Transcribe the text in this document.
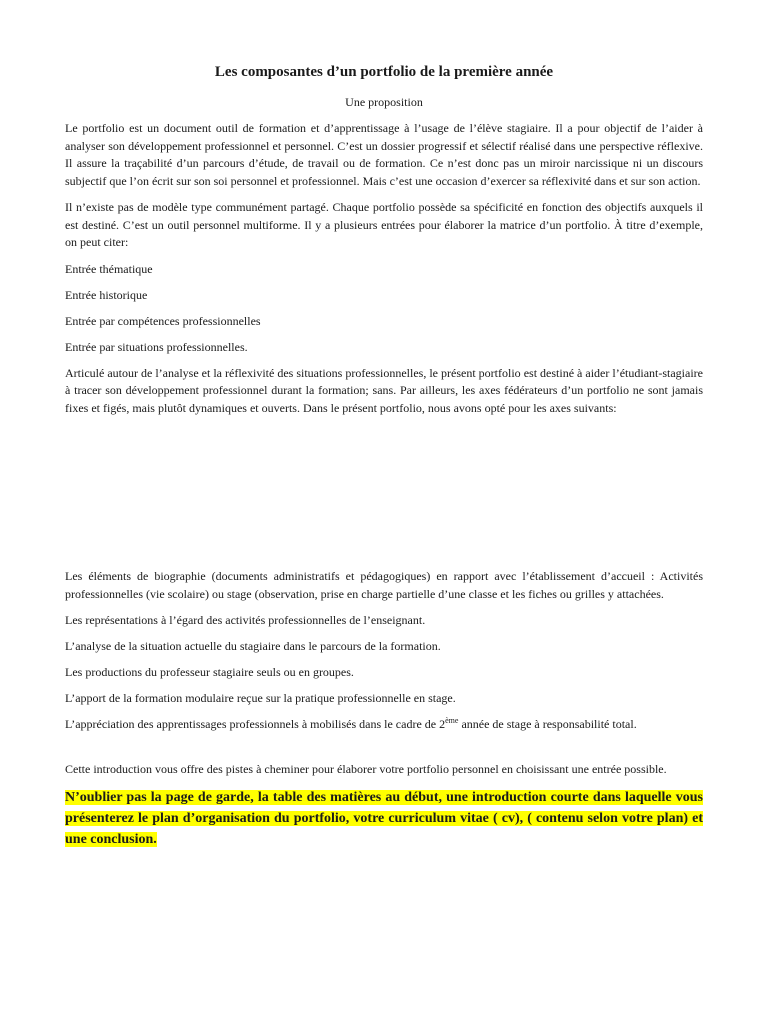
Les composantes d’un portfolio de la première année
Une proposition

Le portfolio est un document outil de formation et d’apprentissage à l’usage de l’élève stagiaire. Il a pour objectif de l’aider à analyser son développement professionnel et personnel. C’est un dossier progressif et sélectif réalisé dans une perspective réflexive. Il assure la traçabilité d’un parcours d’étude, de travail ou de formation. Ce n’est donc pas un miroir narcissique ni un discours subjectif que l’on écrit sur son soi personnel et professionnel. Mais c’est une occasion d’exercer sa réflexivité dans et sur son action.

Il n’existe pas de modèle type communément partagé. Chaque portfolio possède sa spécificité en fonction des objectifs auxquels il est destiné. C’est un outil personnel multiforme. Il y a plusieurs entrées pour élaborer la matrice d’un portfolio. À titre d’exemple, on peut citer:

Entrée thématique

Entrée historique

Entrée par compétences professionnelles

Entrée par situations professionnelles.

Articulé autour de l’analyse et la réflexivité des situations professionnelles, le présent portfolio est destiné à aider l’étudiant-stagiaire à tracer son développement professionnel durant la formation; sans. Par ailleurs, les axes fédérateurs d’un portfolio ne sont jamais fixes et figés, mais plutôt dynamiques et ouverts. Dans le présent portfolio, nous avons opté pour les axes suivants:

Les éléments de biographie (documents administratifs et pédagogiques) en rapport avec l’établissement d’accueil : Activités professionnelles (vie scolaire) ou stage (observation, prise en charge partielle d’une classe et les fiches ou grilles y attachées.

Les représentations à l’égard des activités professionnelles de l’enseignant.

L’analyse de la situation actuelle du stagiaire dans le parcours de la formation.

Les productions du professeur stagiaire seuls ou en groupes.

L’apport de la formation modulaire reçue sur la pratique professionnelle en stage.

L’appréciation des apprentissages professionnels à mobilisés dans le cadre de 2ème année de stage à responsabilité total.

Cette introduction vous offre des pistes à cheminer pour élaborer votre portfolio personnel en choisissant une entrée possible.

N’oublier pas la page de garde, la table des matières au début, une introduction courte dans laquelle vous présenterez le plan d’organisation du portfolio, votre curriculum vitae ( cv), ( contenu selon votre plan) et une conclusion.
